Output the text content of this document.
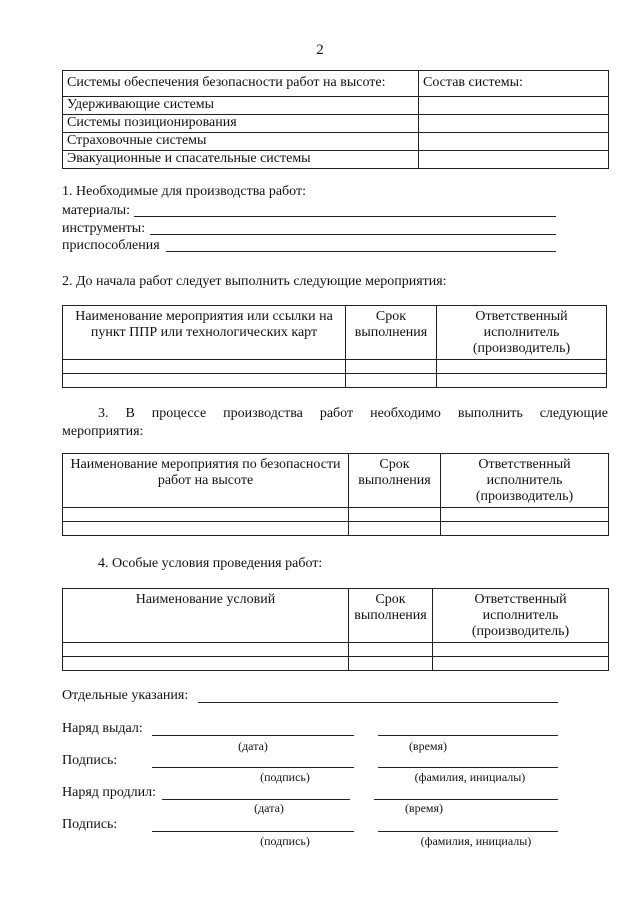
2
Системы обеспечения безопасности работ на высоте:	Состав системы:
Удерживающие системы	
Системы позиционирования	
Страховочные системы	
Эвакуационные и спасательные системы	
1. Необходимые для производства работ:
материалы:
инструменты:
приспособления
2. До начала работ следует выполнить следующие мероприятия:
Наименование мероприятия или ссылки на пункт ППР или технологических карт	Срок выполнения	Ответственный исполнитель (производитель)

3. В процессе производства работ необходимо выполнить следующие
мероприятия:
Наименование мероприятия по безопасности работ на высоте	Срок выполнения	Ответственный исполнитель (производитель)

4. Особые условия проведения работ:
Наименование условий	Срок выполнения	Ответственный исполнитель (производитель)

Отдельные указания:
Наряд выдал:
(дата)	(время)
Подпись:
(подпись)	(фамилия, инициалы)
Наряд продлил:
(дата)	(время)
Подпись:
(подпись)	(фамилия, инициалы)
